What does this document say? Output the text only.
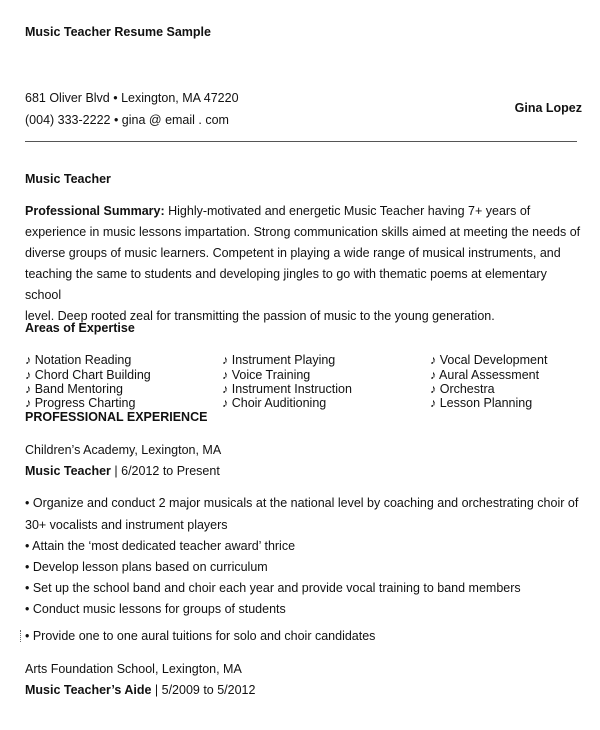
Music Teacher Resume Sample
681 Oliver Blvd • Lexington, MA 47220
(004) 333-2222 • gina @ email . com
Gina Lopez
Music Teacher
Professional Summary: Highly-motivated and energetic Music Teacher having 7+ years of
experience in music lessons impartation. Strong communication skills aimed at meeting the needs of
diverse groups of music learners. Competent in playing a wide range of musical instruments, and
teaching the same to students and developing jingles to go with thematic poems at elementary school
level. Deep rooted zeal for transmitting the passion of music to the young generation.
Areas of Expertise
♪ Notation Reading
♪ Chord Chart Building
♪ Band Mentoring
♪ Progress Charting
♪ Instrument Playing
♪ Voice Training
♪ Instrument Instruction
♪ Choir Auditioning
♪ Vocal Development
♪ Aural Assessment
♪ Orchestra
♪ Lesson Planning
PROFESSIONAL EXPERIENCE
Children’s Academy, Lexington, MA
Music Teacher | 6/2012 to Present
• Organize and conduct 2 major musicals at the national level by coaching and orchestrating choir of
30+ vocalists and instrument players
• Attain the ‘most dedicated teacher award’ thrice
• Develop lesson plans based on curriculum
• Set up the school band and choir each year and provide vocal training to band members
• Conduct music lessons for groups of students
• Provide one to one aural tuitions for solo and choir candidates
Arts Foundation School, Lexington, MA
Music Teacher’s Aide | 5/2009 to 5/2012
